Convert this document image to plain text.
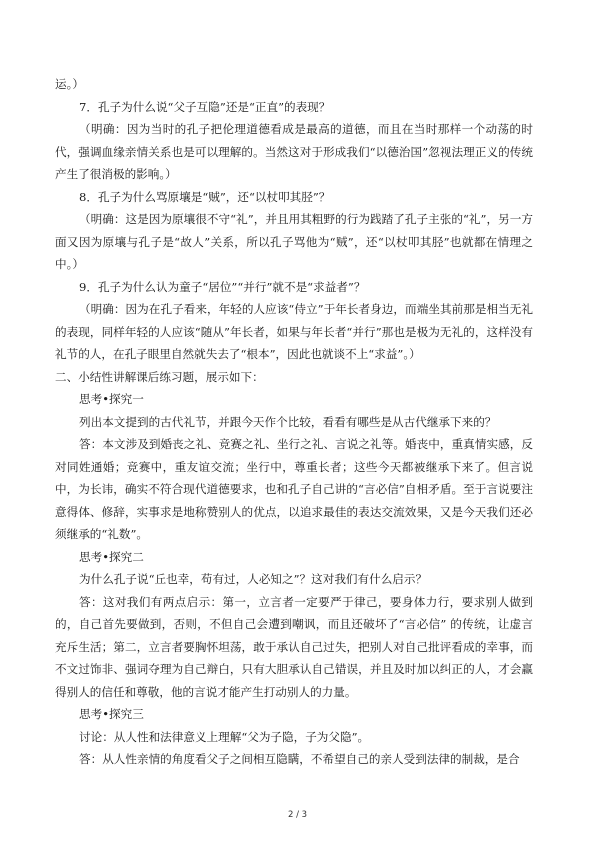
运。）

7．孔子为什么说“父子互隐”还是“正直”的表现？

（明确：因为当时的孔子把伦理道德看成是最高的道德，而且在当时那样一个动荡的时代，强调血缘亲情关系也是可以理解的。当然这对于形成我们“以德治国”忽视法理正义的传统产生了很消极的影响。）

8．孔子为什么骂原壤是“贼”，还“以杖叩其胫”？

（明确：这是因为原壤很不守“礼”，并且用其粗野的行为践踏了孔子主张的“礼”，另一方面又因为原壤与孔子是“故人”关系，所以孔子骂他为“贼”，还“以杖叩其胫”也就都在情理之中。）

9．孔子为什么认为童子“居位”“并行”就不是“求益者”？

（明确：因为在孔子看来，年轻的人应该“侍立”于年长者身边，而端坐其前那是相当无礼的表现，同样年轻的人应该“随从”年长者，如果与年长者“并行”那也是极为无礼的，这样没有礼节的人，在孔子眼里自然就失去了“根本”，因此也就谈不上“求益”。）

二、小结性讲解课后练习题，展示如下：

思考•探究一

列出本文提到的古代礼节，并跟今天作个比较，看看有哪些是从古代继承下来的？

答：本文涉及到婚丧之礼、竞赛之礼、坐行之礼、言说之礼等。婚丧中，重真情实感，反对同姓通婚；竞赛中，重友谊交流；坐行中，尊重长者；这些今天都被继承下来了。但言说中，为长讳，确实不符合现代道德要求，也和孔子自己讲的“言必信”自相矛盾。至于言说要注意得体、修辞，实事求是地称赞别人的优点，以追求最佳的表达交流效果，又是今天我们还必须继承的“礼数”。

思考•探究二

为什么孔子说“丘也幸，苟有过，人必知之”？这对我们有什么启示？

答：这对我们有两点启示：第一，立言者一定要严于律己，要身体力行，要求别人做到的，自己首先要做到，否则，不但自己会遭到嘲讽，而且还破坏了“言必信” 的传统，让虚言充斥生活；第二，立言者要胸怀坦荡，敢于承认自己过失，把别人对自己批评看成的幸事，而不文过饰非、强词夺理为自己辩白，只有大胆承认自己错误，并且及时加以纠正的人，才会赢得别人的信任和尊敬，他的言说才能产生打动别人的力量。

思考•探究三

讨论：从人性和法律意义上理解“父为子隐，子为父隐”。

答：从人性亲情的角度看父子之间相互隐瞒，不希望自己的亲人受到法律的制裁，是合

2 / 3
